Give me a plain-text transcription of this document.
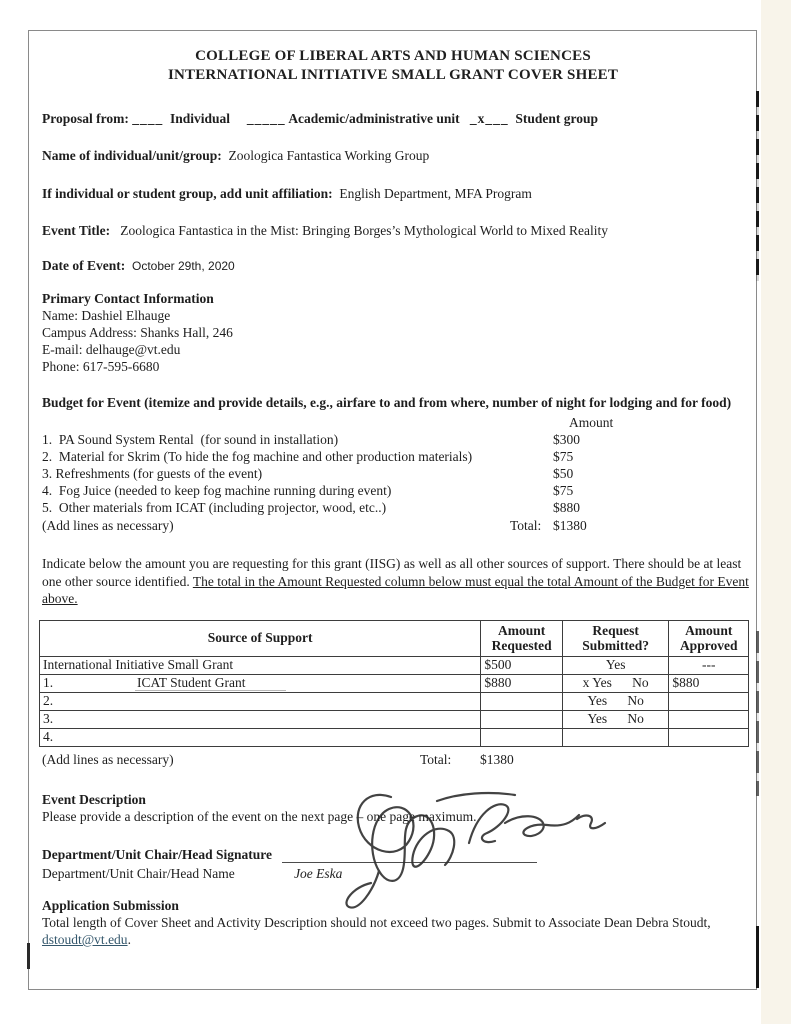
COLLEGE OF LIBERAL ARTS AND HUMAN SCIENCES
INTERNATIONAL INITIATIVE SMALL GRANT COVER SHEET
Proposal from: ____ Individual _____ Academic/administrative unit _x___ Student group
Name of individual/unit/group: Zoologica Fantastica Working Group
If individual or student group, add unit affiliation: English Department, MFA Program
Event Title: Zoologica Fantastica in the Mist: Bringing Borges’s Mythological World to Mixed Reality
Date of Event: October 29th, 2020
Primary Contact Information
Name: Dashiel Elhauge
Campus Address: Shanks Hall, 246
E-mail: delhauge@vt.edu
Phone: 617-595-6680
Budget for Event (itemize and provide details, e.g., airfare to and from where, number of night for lodging and for food)
Amount
1.  PA Sound System Rental  (for sound in installation)	$300
2.  Material for Skrim (To hide the fog machine and other production materials)	$75
3. Refreshments (for guests of the event)	$50
4.  Fog Juice (needed to keep fog machine running during event)	$75
5.  Other materials from ICAT (including projector, wood, etc..)	$880
(Add lines as necessary)	Total: $1380
Indicate below the amount you are requesting for this grant (IISG) as well as all other sources of support. There should be at least one other source identified. The total in the Amount Requested column below must equal the total Amount of the Budget for Event above.
Source of Support	Amount Requested	Request Submitted?	Amount Approved
International Initiative Small Grant	$500	Yes	---
1. ICAT Student Grant	$880	x Yes      No	$880
2.		Yes      No	
3.		Yes      No	
4.			
(Add lines as necessary)	Total: $1380
Event Description
Please provide a description of the event on the next page – one page maximum.
Department/Unit Chair/Head Signature
Department/Unit Chair/Head Name	Joe Eska
Application Submission
Total length of Cover Sheet and Activity Description should not exceed two pages. Submit to Associate Dean Debra Stoudt, dstoudt@vt.edu.
